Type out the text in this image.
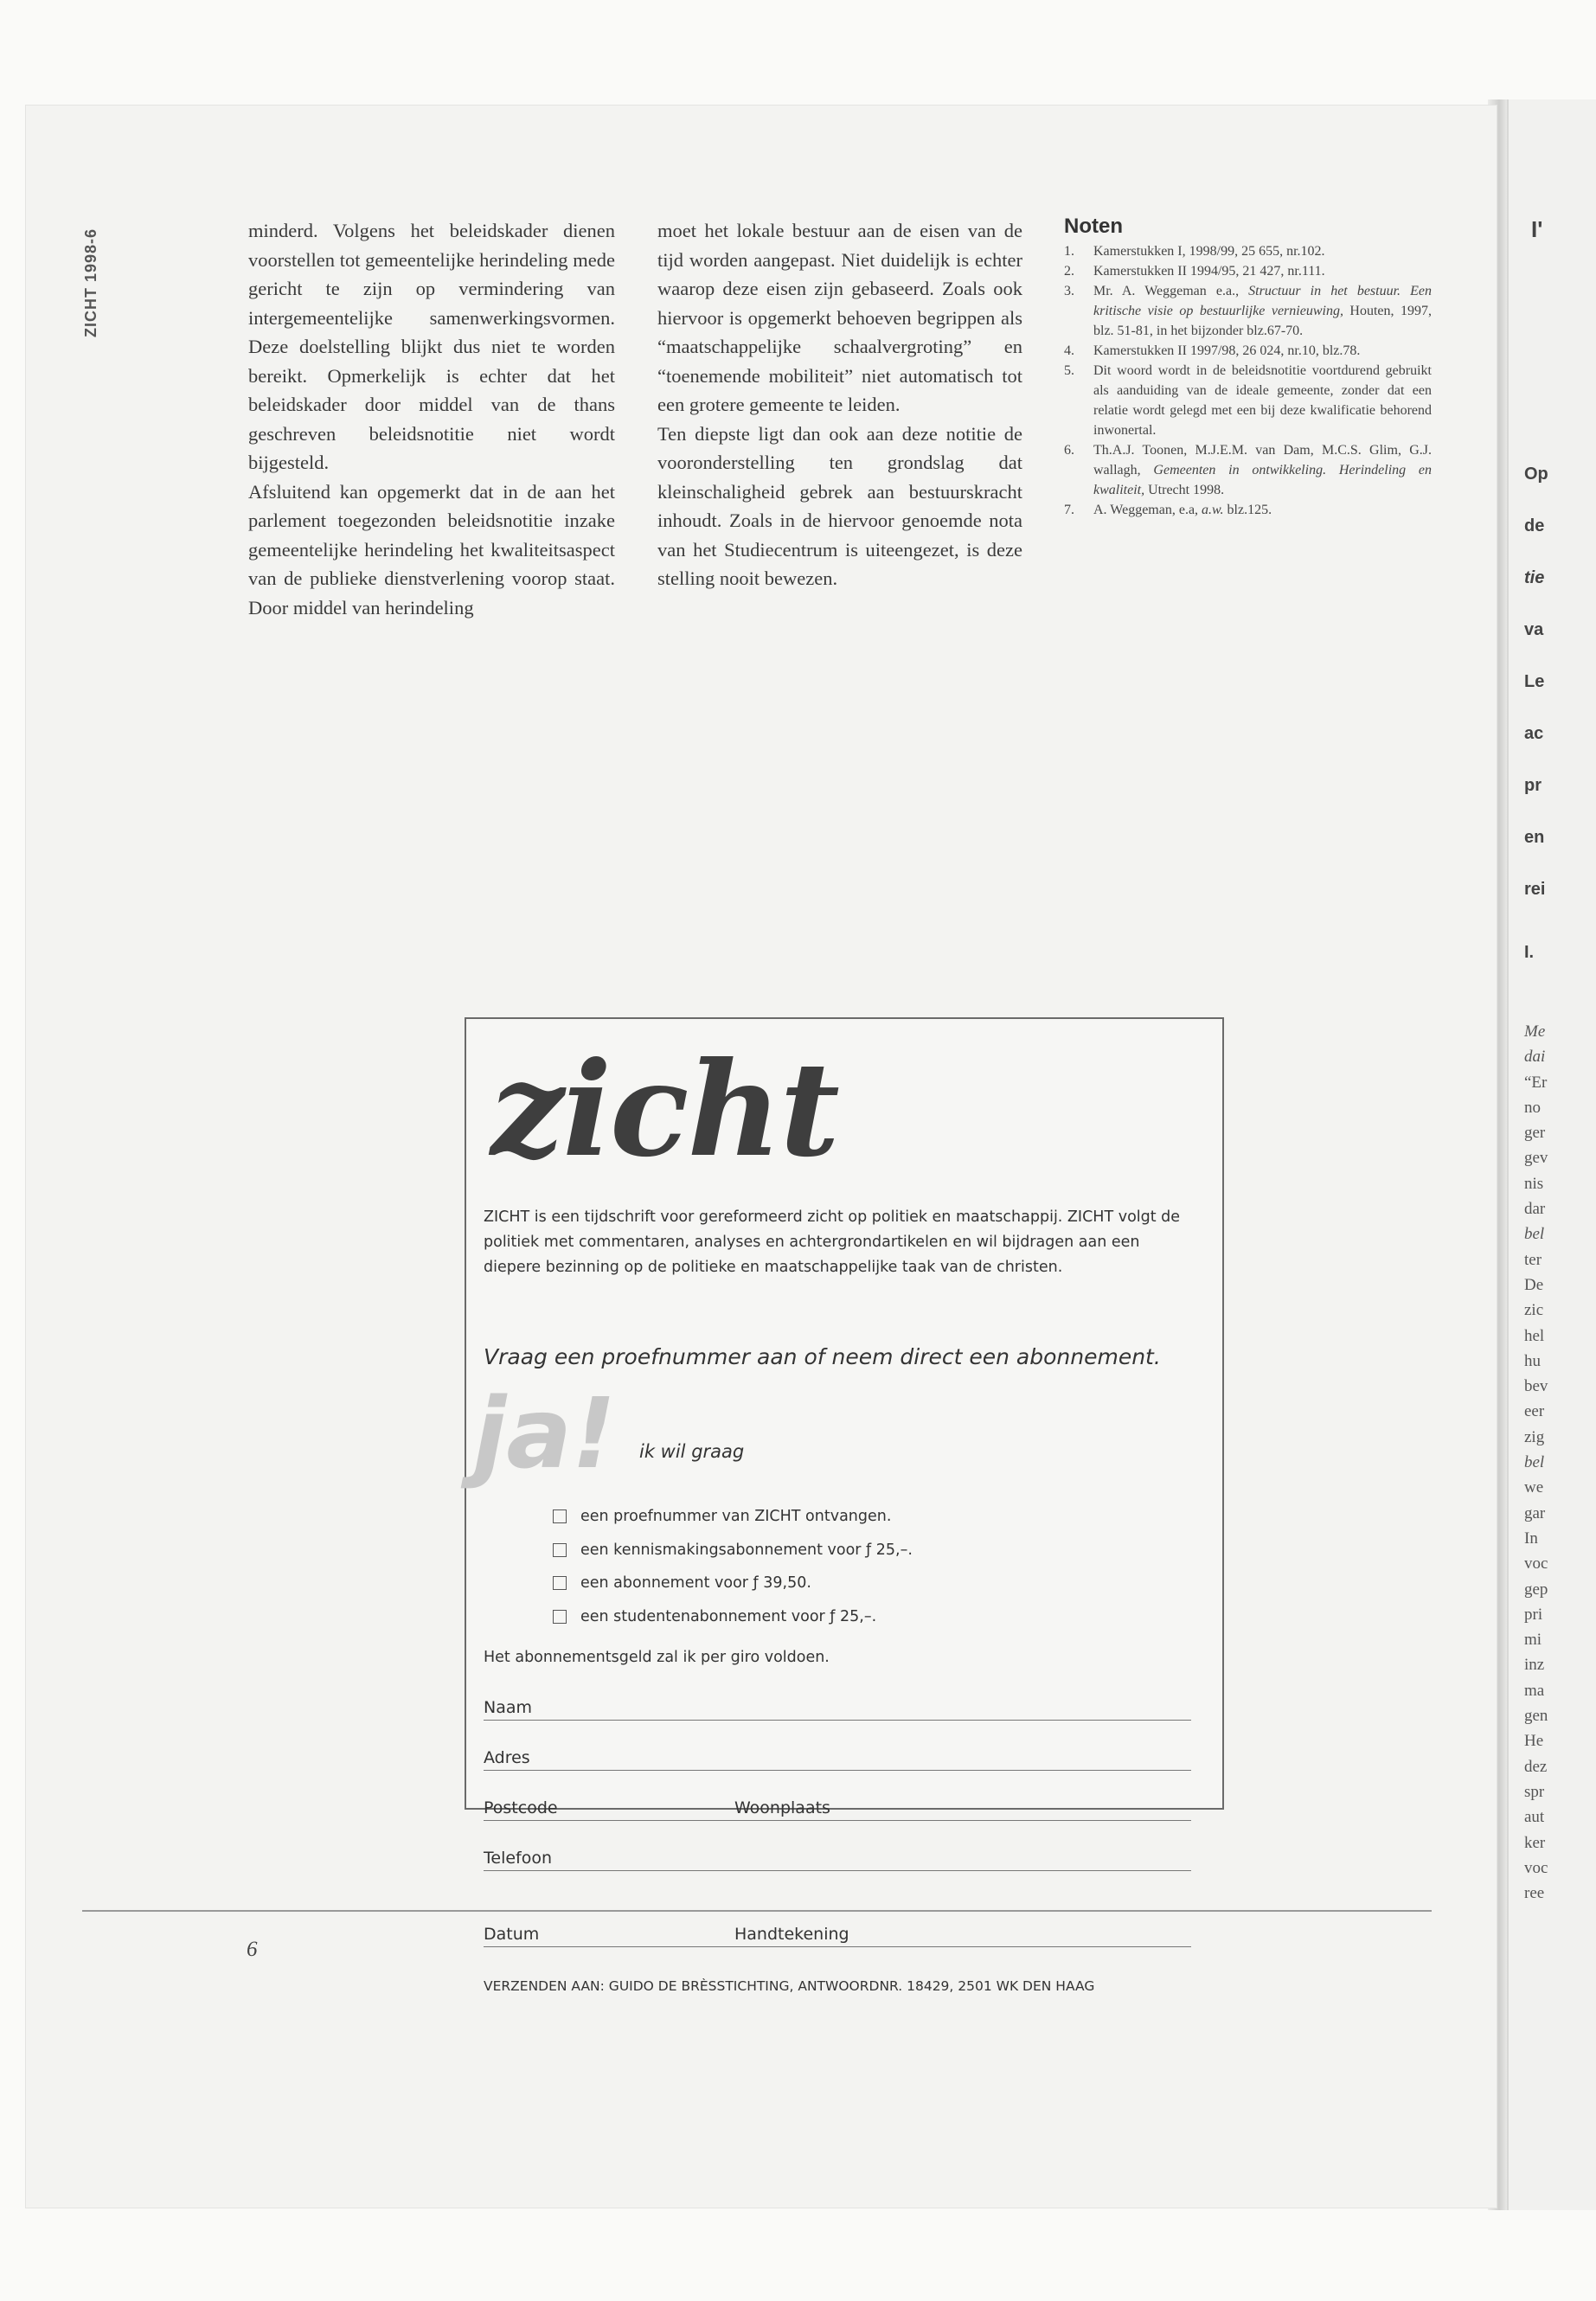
ZICHT 1998-6	minderd. Volgens het beleidskader dienen voorstellen tot gemeentelijke herindeling mede gericht te zijn op vermindering van intergemeentelijke samenwerkingsvormen. Deze doelstelling blijkt dus niet te worden bereikt. Opmerkelijk is echter dat het beleidskader door middel van de thans geschreven beleidsnotitie niet wordt bijgesteld.

Afsluitend kan opgemerkt dat in de aan het parlement toegezonden beleidsnotitie inzake gemeentelijke herindeling het kwaliteitsaspect van de publieke dienstverlening voorop staat. Door middel van herindeling

moet het lokale bestuur aan de eisen van de tijd worden aangepast. Niet duidelijk is echter waarop deze eisen zijn gebaseerd. Zoals ook hiervoor is opgemerkt behoeven begrippen als “maatschappelijke schaalvergroting” en “toenemende mobiliteit” niet automatisch tot een grotere gemeente te leiden.

Ten diepste ligt dan ook aan deze notitie de vooronderstelling ten grondslag dat kleinschaligheid gebrek aan bestuurskracht inhoudt. Zoals in de hiervoor genoemde nota van het Studiecentrum is uiteengezet, is deze stelling nooit bewezen.

Noten
1.	Kamerstukken I, 1998/99, 25 655, nr.102.
2.	Kamerstukken II 1994/95, 21 427, nr.111.
3.	Mr. A. Weggeman e.a., Structuur in het bestuur. Een kritische visie op bestuurlijke vernieuwing, Houten, 1997, blz. 51-81, in het bijzonder blz.67-70.
4.	Kamerstukken II 1997/98, 26 024, nr.10, blz.78.
5.	Dit woord wordt in de beleidsnotitie voortdurend gebruikt als aanduiding van de ideale gemeente, zonder dat een relatie wordt gelegd met een bij deze kwalificatie behorend inwonertal.
6.	Th.A.J. Toonen, M.J.E.M. van Dam, M.C.S. Glim, G.J. wallagh, Gemeenten in ontwikkeling. Herindeling en kwaliteit, Utrecht 1998.
7.	A. Weggeman, e.a, a.w. blz.125.
zicht
ZICHT is een tijdschrift voor gereformeerd zicht op politiek en maatschappij. ZICHT volgt de politiek met commentaren, analyses en achtergrondartikelen en wil bijdragen aan een diepere bezinning op de politieke en maatschappelijke taak van de christen.
Vraag een proefnummer aan of neem direct een abonnement.
ja! ik wil graag
een proefnummer van ZICHT ontvangen.
een kennismakingsabonnement voor ƒ 25,–.
een abonnement voor ƒ 39,50.
een studentenabonnement voor ƒ 25,–.
Het abonnementsgeld zal ik per giro voldoen.
Naam
Adres
Postcode	Woonplaats
Telefoon
Datum	Handtekening
VERZENDEN AAN: GUIDO DE BRÈSSTICHTING, ANTWOORDNR. 18429, 2501 WK DEN HAAG
6
I'
Op
de
tie
va
Le
ac
pr
en
rei
I.
Me
dai
“Er
no
ger
gev
nis
dar
bel
ter
De
zic
hel
hu
bev
eer
zig
bel
we
gar
In
voc
gep
pri
mi
inz
ma
gen
He
dez
spr
aut
ker
voc
ree
